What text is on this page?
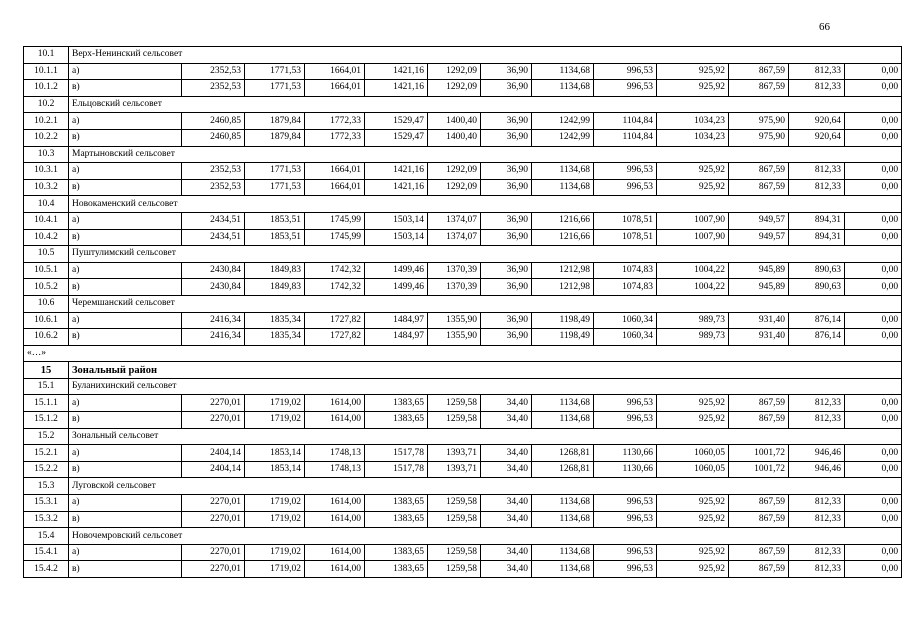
66
10.1	Верх-Ненинский сельсовет												
10.1.1	а)	2352,53	1771,53	1664,01	1421,16	1292,09	36,90	1134,68	996,53	925,92	867,59	812,33	0,00
10.1.2	в)	2352,53	1771,53	1664,01	1421,16	1292,09	36,90	1134,68	996,53	925,92	867,59	812,33	0,00
10.2	Ельцовский сельсовет												
10.2.1	а)	2460,85	1879,84	1772,33	1529,47	1400,40	36,90	1242,99	1104,84	1034,23	975,90	920,64	0,00
10.2.2	в)	2460,85	1879,84	1772,33	1529,47	1400,40	36,90	1242,99	1104,84	1034,23	975,90	920,64	0,00
10.3	Мартыновский сельсовет												
10.3.1	а)	2352,53	1771,53	1664,01	1421,16	1292,09	36,90	1134,68	996,53	925,92	867,59	812,33	0,00
10.3.2	в)	2352,53	1771,53	1664,01	1421,16	1292,09	36,90	1134,68	996,53	925,92	867,59	812,33	0,00
10.4	Новокаменский сельсовет												
10.4.1	а)	2434,51	1853,51	1745,99	1503,14	1374,07	36,90	1216,66	1078,51	1007,90	949,57	894,31	0,00
10.4.2	в)	2434,51	1853,51	1745,99	1503,14	1374,07	36,90	1216,66	1078,51	1007,90	949,57	894,31	0,00
10.5	Пуштулимский сельсовет												
10.5.1	а)	2430,84	1849,83	1742,32	1499,46	1370,39	36,90	1212,98	1074,83	1004,22	945,89	890,63	0,00
10.5.2	в)	2430,84	1849,83	1742,32	1499,46	1370,39	36,90	1212,98	1074,83	1004,22	945,89	890,63	0,00
10.6	Черемшанский сельсовет												
10.6.1	а)	2416,34	1835,34	1727,82	1484,97	1355,90	36,90	1198,49	1060,34	989,73	931,40	876,14	0,00
10.6.2	в)	2416,34	1835,34	1727,82	1484,97	1355,90	36,90	1198,49	1060,34	989,73	931,40	876,14	0,00
«…»													
15	Зональный район												
15.1	Буланихинский сельсовет												
15.1.1	а)	2270,01	1719,02	1614,00	1383,65	1259,58	34,40	1134,68	996,53	925,92	867,59	812,33	0,00
15.1.2	в)	2270,01	1719,02	1614,00	1383,65	1259,58	34,40	1134,68	996,53	925,92	867,59	812,33	0,00
15.2	Зональный сельсовет												
15.2.1	а)	2404,14	1853,14	1748,13	1517,78	1393,71	34,40	1268,81	1130,66	1060,05	1001,72	946,46	0,00
15.2.2	в)	2404,14	1853,14	1748,13	1517,78	1393,71	34,40	1268,81	1130,66	1060,05	1001,72	946,46	0,00
15.3	Луговской сельсовет												
15.3.1	а)	2270,01	1719,02	1614,00	1383,65	1259,58	34,40	1134,68	996,53	925,92	867,59	812,33	0,00
15.3.2	в)	2270,01	1719,02	1614,00	1383,65	1259,58	34,40	1134,68	996,53	925,92	867,59	812,33	0,00
15.4	Новочемровский сельсовет												
15.4.1	а)	2270,01	1719,02	1614,00	1383,65	1259,58	34,40	1134,68	996,53	925,92	867,59	812,33	0,00
15.4.2	в)	2270,01	1719,02	1614,00	1383,65	1259,58	34,40	1134,68	996,53	925,92	867,59	812,33	0,00
